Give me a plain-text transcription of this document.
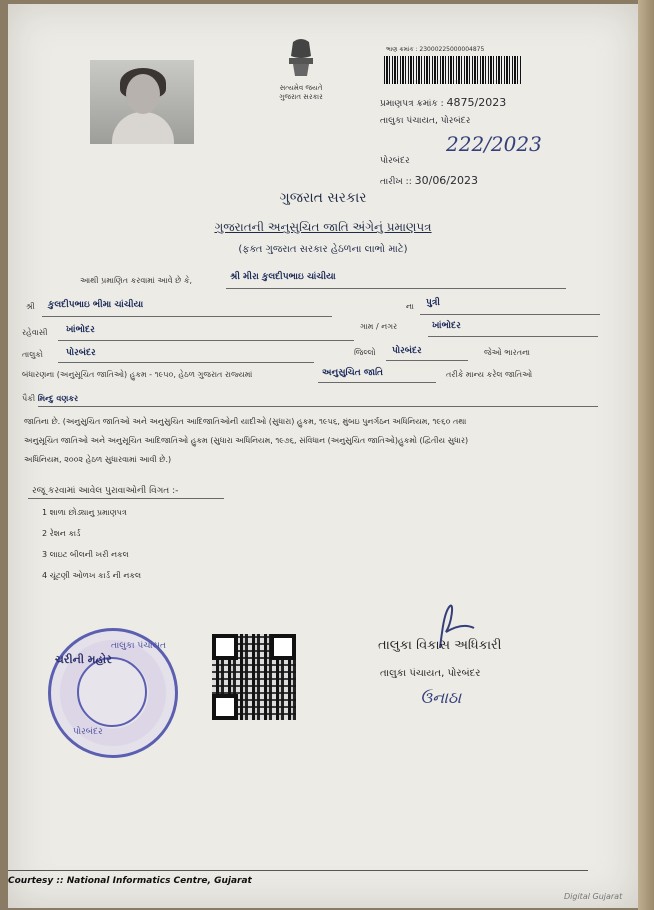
સત્યમેવ જયતે
ગુજરાત સરકાર
ભાણ ક્રમાંક : 23000225000004875
પ્રમાણપત્ર ક્રમાંક : 4875/2023
તાલુકા પંચાયત, પોરબંદર
222/2023
પોરબંદર
તારીખ :: 30/06/2023
ગુજરાત સરકાર
ગુજરાતની અનુસુચિત જાતિ અંગેનું પ્રમાણપત્ર
(ફક્ત ગુજરાત સરકાર હેઠળના લાભો માટે)
આથી પ્રમાણિત કરવામાં આવે છે કે,	શ્રી મીરા કુલદીપભાઇ ચાંચીયા
શ્રી કુલદીપભાઇ ભીમા ચાંચીયા	ના પુત્રી
રહેવાસી ખાંભોદર	ગામ / નગર	ખાંભોદર
તાલુકો	પોરબંદર	જિલ્લો પોરબંદર	જેઓ ભારતના
બંધારણના (અનુસૂચિત જાતિઓ) હુકમ - ૧૯૫૦, હેઠળ ગુજરાત રાજ્યમાં	અનુસુચિત જાતિ	તરીકે માન્ય કરેલ જાતિઓ
પૈકી મિન્દુ વણકર
જાતિના છે. (અનુસુચિત જાતિઓ અને અનુસુચિત આદિજાતિઓની યાદીઓ (સુધારા) હુકમ, ૧૯૫૬, મુંબઇ પુનર્ગઠન અધિનિયમ, ૧૯૬૦ તથા
અનુસૂચિત જાતિઓ અને અનુસૂચિત આદિજાતિઓ હુકમ (સુધારા અધિનિયમ, ૧૯૭૬, સંવિધાન (અનુસુચિત જાતિઓ)હુકમો (દ્વિતીય સુધાર)
અધિનિયમ, ૨૦૦૨ હેઠળ સુધારવામાં આવી છે.)
રજૂ કરવામાં આવેલ પુરાવાઓની વિગત :-
1 શાળા છોડ્યાનુ પ્રમાણપત્ર
2 રેશન કાર્ડ
3 લાઇટ બીલની ખરી નકલ
4 ચૂંટણી ઓળખ કાર્ડ ની નકલ
તાલુકા પંચાયત
પોરબંદર
ચરીની મહોર
તાલુકા વિકાસ અધિકારી
તાલુકા પંચાયત, પોરબંદર
ઉનાઠા
Courtesy :: National Informatics Centre, Gujarat
Digital Gujarat
